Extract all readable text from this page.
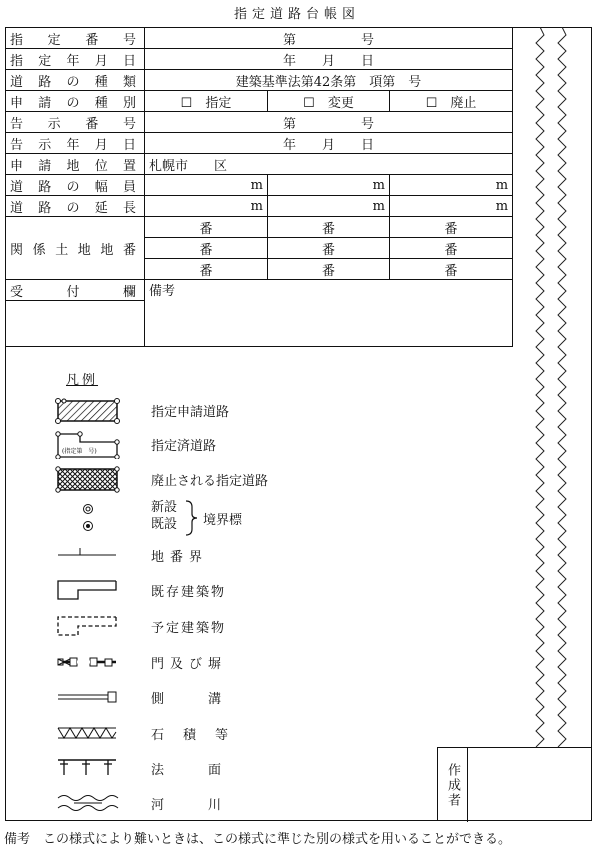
指定道路台帳図
指　定　番　号	第　　　　　号		
指定年月日	年　　月　　日		
道路の種類	建築基準法第42条第　項第　号		
申請の種別	☐　指定	☐　変更	☐　廃止
告　示　番　号	第　　　　　号		
告示年月日	年　　月　　日		
申請地位置	札幌市　　区		
道路の幅員	m	m	m
道路の延長	m	m	m
関係土地地番	番	番	番
	番	番	番
	番	番	番
受　付　欄	備考		

凡例
指定申請道路
(指定第　号)	指定済道路
廃止される指定道路
新設
既設 境界標
地番界
既存建築物
予定建築物
門及び塀
側溝
石積等
法面
河川	作成者
備考　この様式により難いときは、この様式に準じた別の様式を用いることができる。
